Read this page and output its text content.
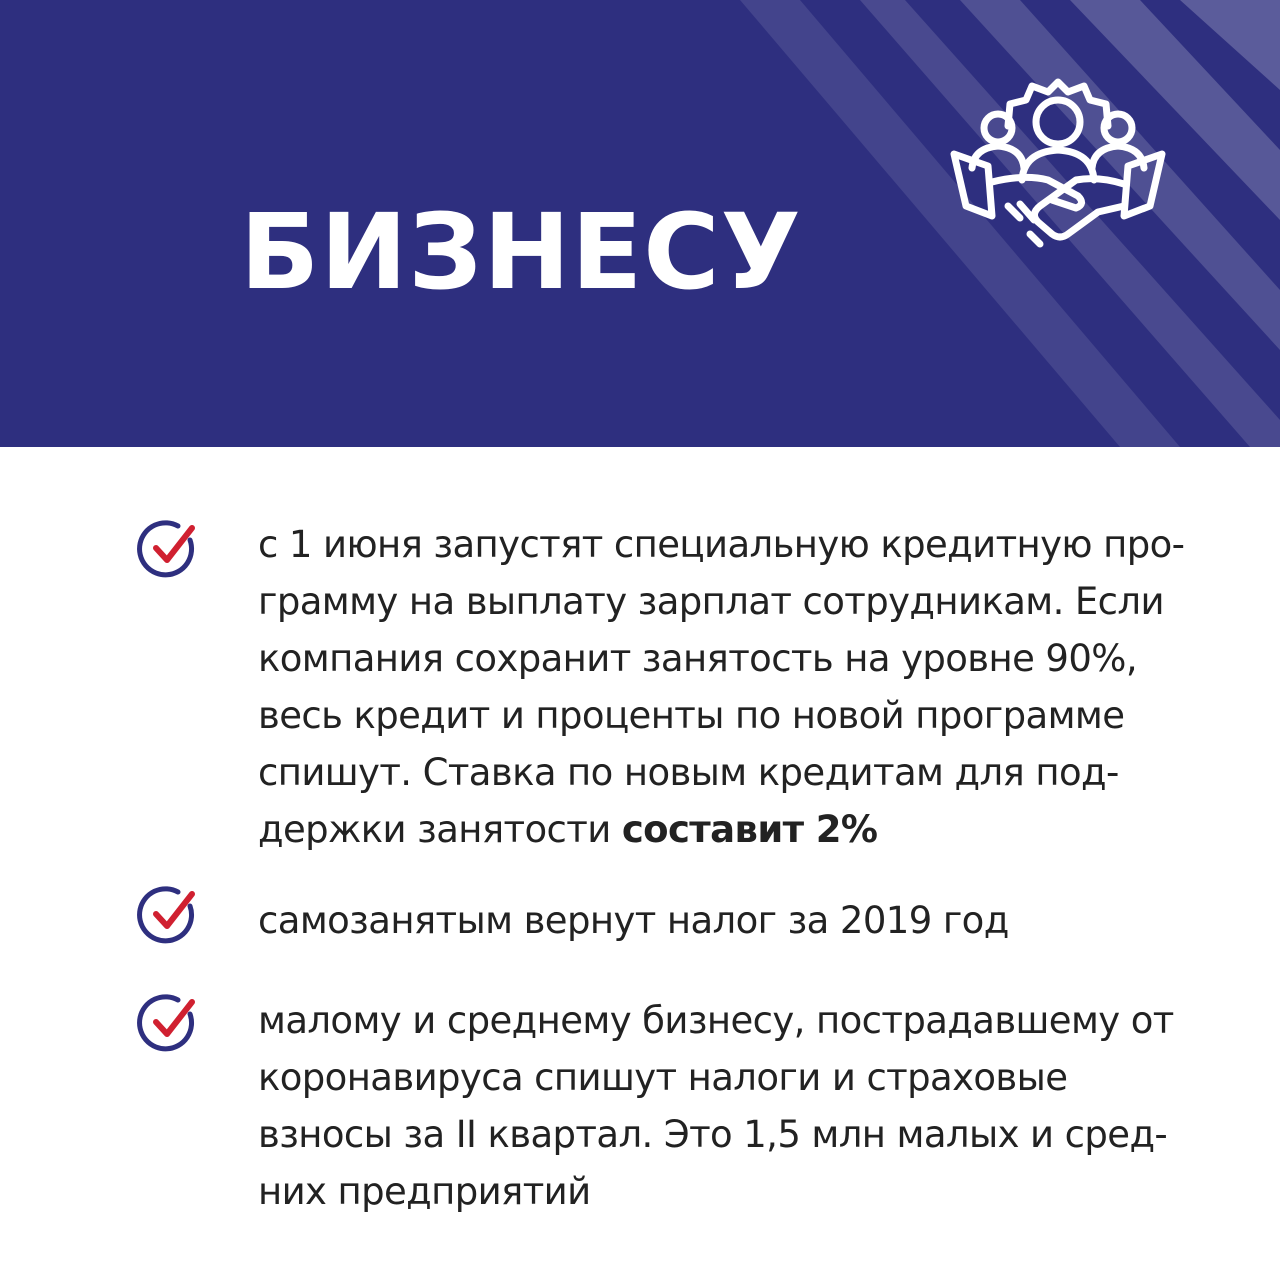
БИЗНЕСУ
с 1 июня запустят специальную кредитную про-
грамму на выплату зарплат сотрудникам. Если
компания сохранит занятость на уровне 90%,
весь кредит и проценты по новой программе
спишут. Ставка по новым кредитам для под-
держки занятости составит 2%
самозанятым вернут налог за 2019 год
малому и среднему бизнесу, пострадавшему от
коронавируса спишут налоги и страховые
взносы за II квартал. Это 1,5 млн малых и сред-
них предприятий
